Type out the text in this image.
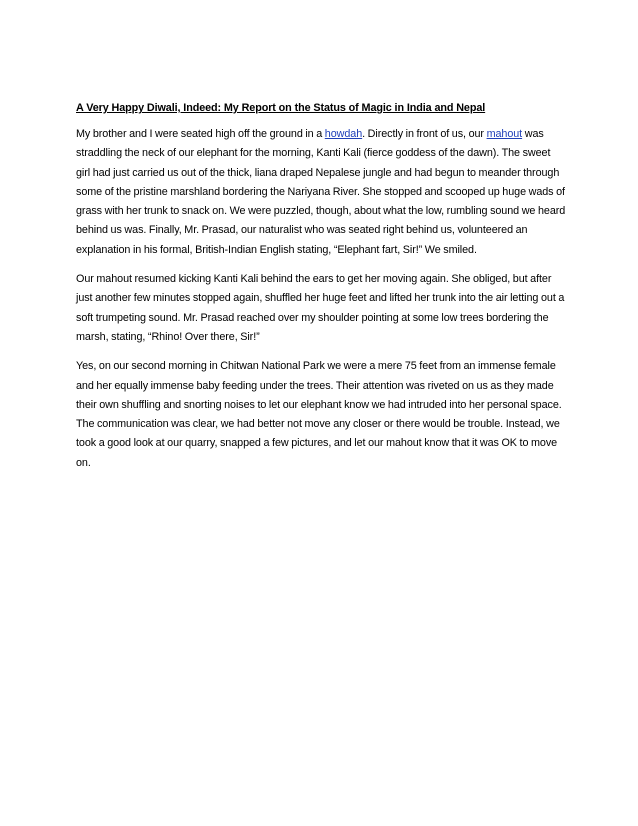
A Very Happy Diwali, Indeed: My Report on the Status of Magic in India and Nepal

My brother and I were seated high off the ground in a howdah. Directly in front of us, our mahout was straddling the neck of our elephant for the morning, Kanti Kali (fierce goddess of the dawn). The sweet girl had just carried us out of the thick, liana draped Nepalese jungle and had begun to meander through some of the pristine marshland bordering the Nariyana River. She stopped and scooped up huge wads of grass with her trunk to snack on. We were puzzled, though, about what the low, rumbling sound we heard behind us was. Finally, Mr. Prasad, our naturalist who was seated right behind us, volunteered an explanation in his formal, British-Indian English stating, “Elephant fart, Sir!” We smiled.

Our mahout resumed kicking Kanti Kali behind the ears to get her moving again. She obliged, but after just another few minutes stopped again, shuffled her huge feet and lifted her trunk into the air letting out a soft trumpeting sound. Mr. Prasad reached over my shoulder pointing at some low trees bordering the marsh, stating, “Rhino! Over there, Sir!”

Yes, on our second morning in Chitwan National Park we were a mere 75 feet from an immense female and her equally immense baby feeding under the trees. Their attention was riveted on us as they made their own shuffling and snorting noises to let our elephant know we had intruded into her personal space. The communication was clear, we had better not move any closer or there would be trouble. Instead, we took a good look at our quarry, snapped a few pictures, and let our mahout know that it was OK to move on.
